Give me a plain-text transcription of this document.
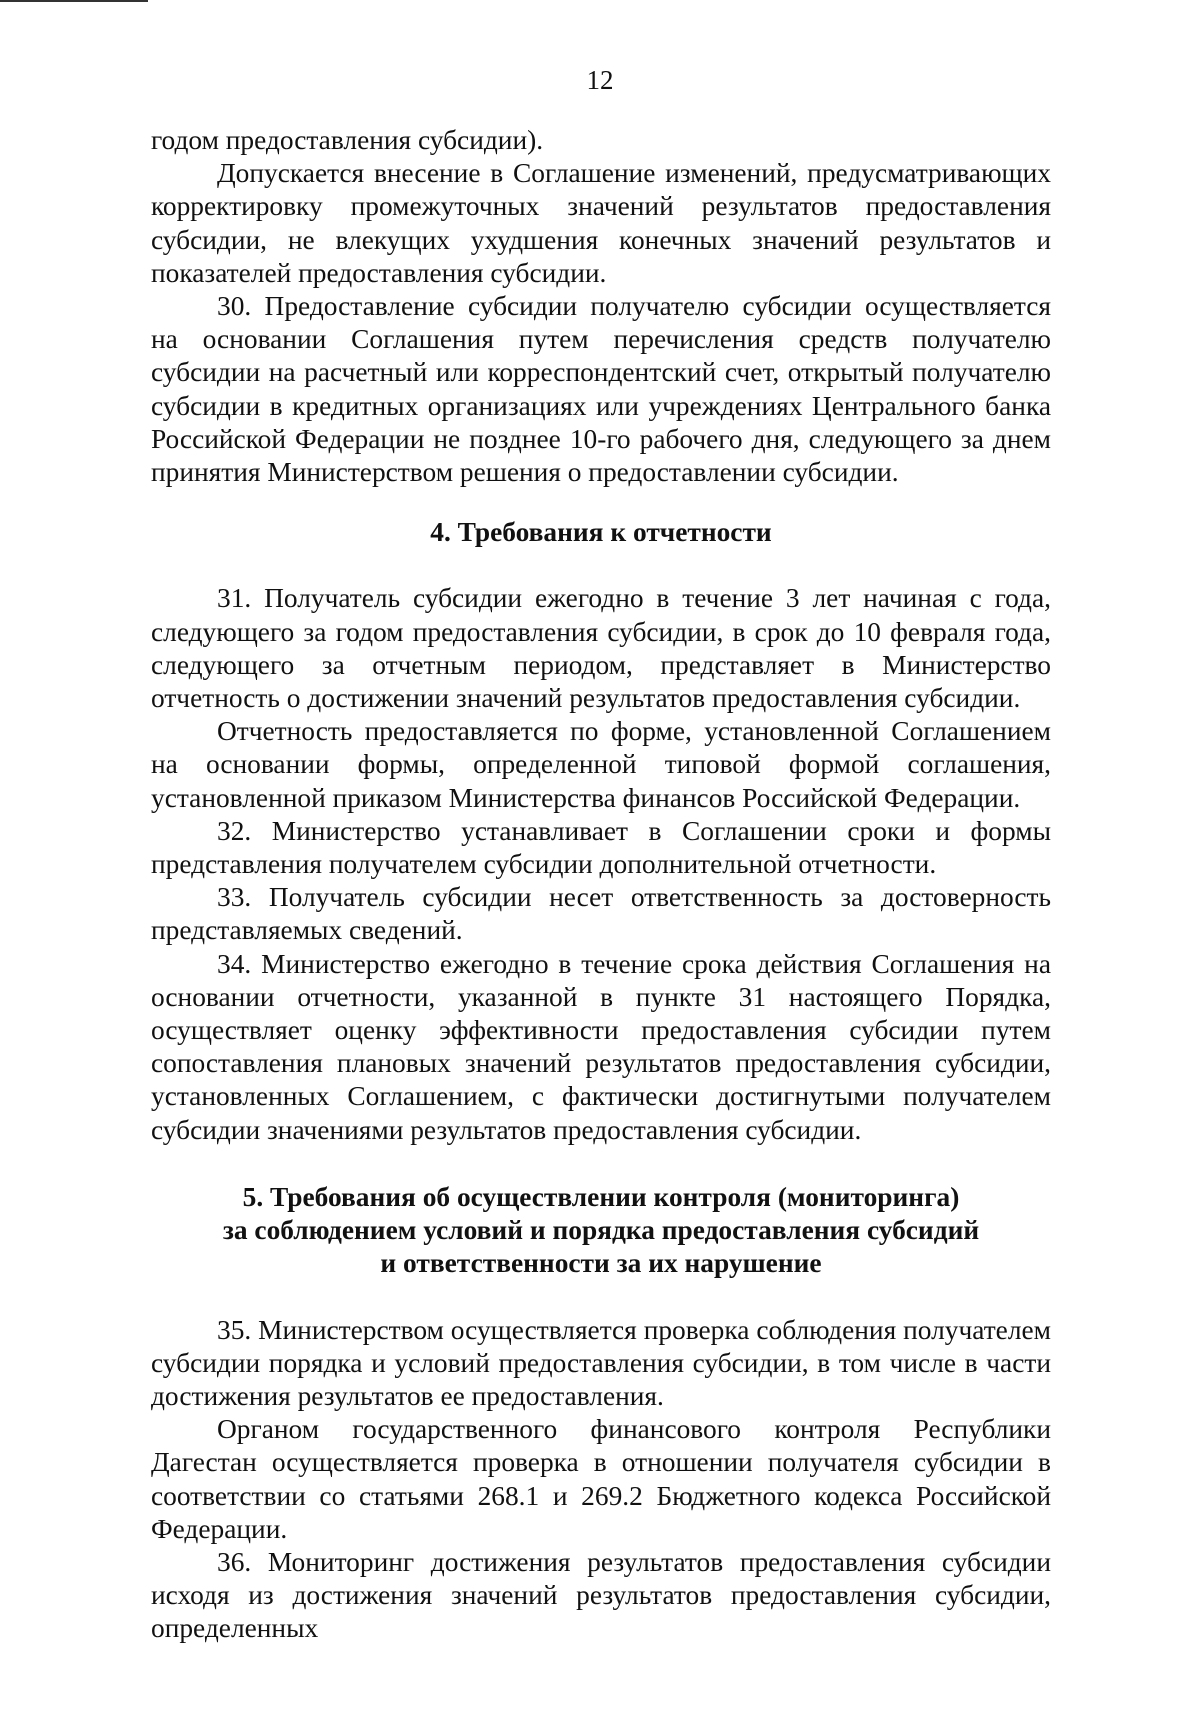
12

годом предоставления субсидии).

Допускается внесение в Соглашение изменений, предусматривающих корректировку промежуточных значений результатов предоставления субсидии, не влекущих ухудшения конечных значений результатов и показателей предоставления субсидии.

30. Предоставление субсидии получателю субсидии осуществляется на основании Соглашения путем перечисления средств получателю субсидии на расчетный или корреспондентский счет, открытый получателю субсидии в кредитных организациях или учреждениях Центрального банка Российской Федерации не позднее 10-го рабочего дня, следующего за днем принятия Министерством решения о предоставлении субсидии.

4. Требования к отчетности

31. Получатель субсидии ежегодно в течение 3 лет начиная с года, следующего за годом предоставления субсидии, в срок до 10 февраля года, следующего за отчетным периодом, представляет в Министерство отчетность о достижении значений результатов предоставления субсидии.

Отчетность предоставляется по форме, установленной Соглашением на основании формы, определенной типовой формой соглашения, установленной приказом Министерства финансов Российской Федерации.

32. Министерство устанавливает в Соглашении сроки и формы представления получателем субсидии дополнительной отчетности.

33. Получатель субсидии несет ответственность за достоверность представляемых сведений.

34. Министерство ежегодно в течение срока действия Соглашения на основании отчетности, указанной в пункте 31 настоящего Порядка, осуществляет оценку эффективности предоставления субсидии путем сопоставления плановых значений результатов предоставления субсидии, установленных Соглашением, с фактически достигнутыми получателем субсидии значениями результатов предоставления субсидии.

5. Требования об осуществлении контроля (мониторинга)
за соблюдением условий и порядка предоставления субсидий
и ответственности за их нарушение

35. Министерством осуществляется проверка соблюдения получателем субсидии порядка и условий предоставления субсидии, в том числе в части достижения результатов ее предоставления.

Органом государственного финансового контроля Республики Дагестан осуществляется проверка в отношении получателя субсидии в соответствии со статьями 268.1 и 269.2 Бюджетного кодекса Российской Федерации.

36. Мониторинг достижения результатов предоставления субсидии исходя из достижения значений результатов предоставления субсидии, определенных
